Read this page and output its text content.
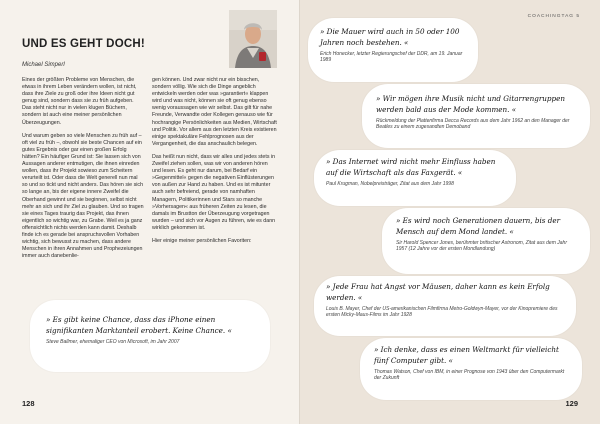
UND ES GEHT DOCH!
Michael Simperl

Eines der größten Probleme von Menschen, die etwas in ihrem Leben verändern wollen, ist nicht, dass ihre Ziele zu groß oder ihre Ideen nicht gut genug sind, sondern dass sie zu früh aufgeben. Das steht nicht nur in vielen klugen Büchern, sondern ist auch eine meiner persönlichen Überzeugungen.

Und warum geben so viele Menschen zu früh auf – oft viel zu früh –, obwohl sie beste Chancen auf ein gutes Ergebnis oder gar einen großen Erfolg hätten? Ein häufiger Grund ist: Sie lassen sich von Aussagen anderer entmutigen, die ihnen einreden wollen, dass ihr Projekt sowieso zum Scheitern verurteilt ist. Oder dass die Welt generell nun mal so und so tickt und nicht anders. Das hören sie sich so lange an, bis der eigene innere Zweifel die Oberhand gewinnt und sie beginnen, selbst nicht mehr an sich und ihr Ziel zu glauben. Und so tragen sie eines Tages traurig das Projekt, das ihnen eigentlich so wichtig war, zu Grabe. Weil es ja ganz offensichtlich nichts werden kann damit. Deshalb finde ich es gerade bei anspruchsvollen Vorhaben wichtig, sich bewusst zu machen, dass andere Menschen in ihren Annahmen und Prophezeiungen immer auch danebenlie-

gen können. Und zwar nicht nur ein bisschen, sondern völlig. Wie sich die Dinge angeblich entwickeln werden oder was »garantiert« klappen wird und was nicht, können sie oft genug ebenso wenig voraussagen wie wir selbst. Das gilt für nahe Freunde, Verwandte oder Kollegen genauso wie für hochrangige Persönlichkeiten aus Medien, Wirtschaft und Politik. Vor allem aus den letzten Kreis existieren einige spektakuläre Fehlprognosen aus der Vergangenheit, die das anschaulich belegen.

Das heißt nun nicht, dass wir alles und jedes stets in Zweifel ziehen sollen, was wir von anderen hören und lesen. Es geht nur darum, bei Bedarf ein »Gegenmittel« gegen die negativen Einflüsterungen von außen zur Hand zu haben. Und es ist mitunter auch sehr befreiend, gerade von namhaften Managern, Politikerinnen und Stars so manche »Vorhersagen« aus früheren Zeiten zu lesen, die damals im Brustton der Überzeugung vorgetragen wurden – und sich vor Augen zu führen, wie es dann wirklich gekommen ist.

Hier einige meiner persönlichen Favoriten:

» Es gibt keine Chance, dass das iPhone einen signifikanten Marktanteil erobert. Keine Chance. «
Steve Ballmer, ehemaliger CEO von Microsoft, im Jahr 2007
128
COACHINGTAG 5
» Die Mauer wird auch in 50 oder 100 Jahren noch bestehen. «
Erich Honecker, letzter Regierungschef der DDR, am 19. Januar 1989
» Wir mögen ihre Musik nicht und Gitarrengruppen werden bald aus der Mode kommen. «
Rückmeldung der Plattenfirma Decca Records aus dem Jahr 1962 an den Manager der Beatles zu einem zugesandten Demoband
» Das Internet wird nicht mehr Einfluss haben auf die Wirtschaft als das Faxgerät. «
Paul Krugman, Nobelpreisträger, Zitat aus dem Jahr 1998
» Es wird noch Generationen dauern, bis der Mensch auf dem Mond landet. «
Sir Harold Spencer Jones, berühmter britischer Astronom, Zitat aus dem Jahr 1957 (12 Jahre vor der ersten Mondlandung)
» Jede Frau hat Angst vor Mäusen, daher kann es kein Erfolg werden. «
Louis B. Mayer, Chef der US-amerikanischen Filmfirma Metro-Goldwyn-Mayer, vor der Kinopremiere des ersten Micky-Maus-Films im Jahr 1928
» Ich denke, dass es einen Weltmarkt für vielleicht fünf Computer gibt. «
Thomas Watson, Chef von IBM, in einer Prognose von 1943 über den Computermarkt der Zukunft
129
